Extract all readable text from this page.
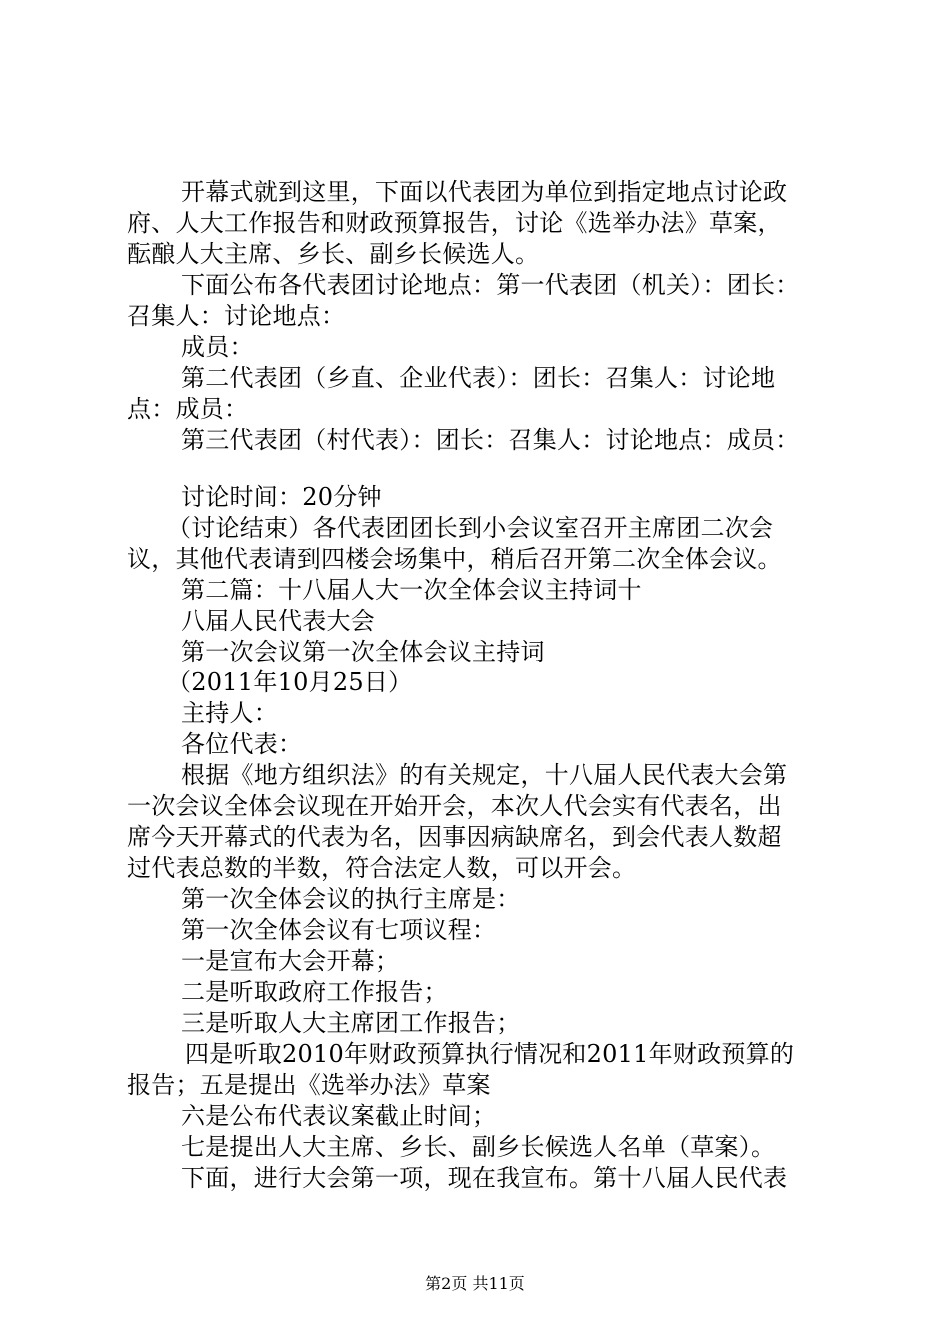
开幕式就到这里，下面以代表团为单位到指定地点讨论政
府、人大工作报告和财政预算报告，讨论《选举办法》草案，
酝酿人大主席、乡长、副乡长候选人。
下面公布各代表团讨论地点：第一代表团（机关）：团长：
召集人：讨论地点：
成员：
第二代表团（乡直、企业代表）：团长：召集人：讨论地
点：成员：
第三代表团（村代表）：团长：召集人：讨论地点：成员：
讨论时间：20分钟
（讨论结束）各代表团团长到小会议室召开主席团二次会
议，其他代表请到四楼会场集中，稍后召开第二次全体会议。
第二篇：十八届人大一次全体会议主持词十
八届人民代表大会
第一次会议第一次全体会议主持词
（2011年10月25日）
主持人：
各位代表：
根据《地方组织法》的有关规定，十八届人民代表大会第
一次会议全体会议现在开始开会，本次人代会实有代表名，出
席今天开幕式的代表为名，因事因病缺席名，到会代表人数超
过代表总数的半数，符合法定人数，可以开会。
第一次全体会议的执行主席是：
第一次全体会议有七项议程：
一是宣布大会开幕；
二是听取政府工作报告；
三是听取人大主席团工作报告；
四是听取2010年财政预算执行情况和2011年财政预算的
报告；五是提出《选举办法》草案
六是公布代表议案截止时间；
七是提出人大主席、乡长、副乡长候选人名单（草案）。
下面，进行大会第一项，现在我宣布。第十八届人民代表
第2页 共11页
